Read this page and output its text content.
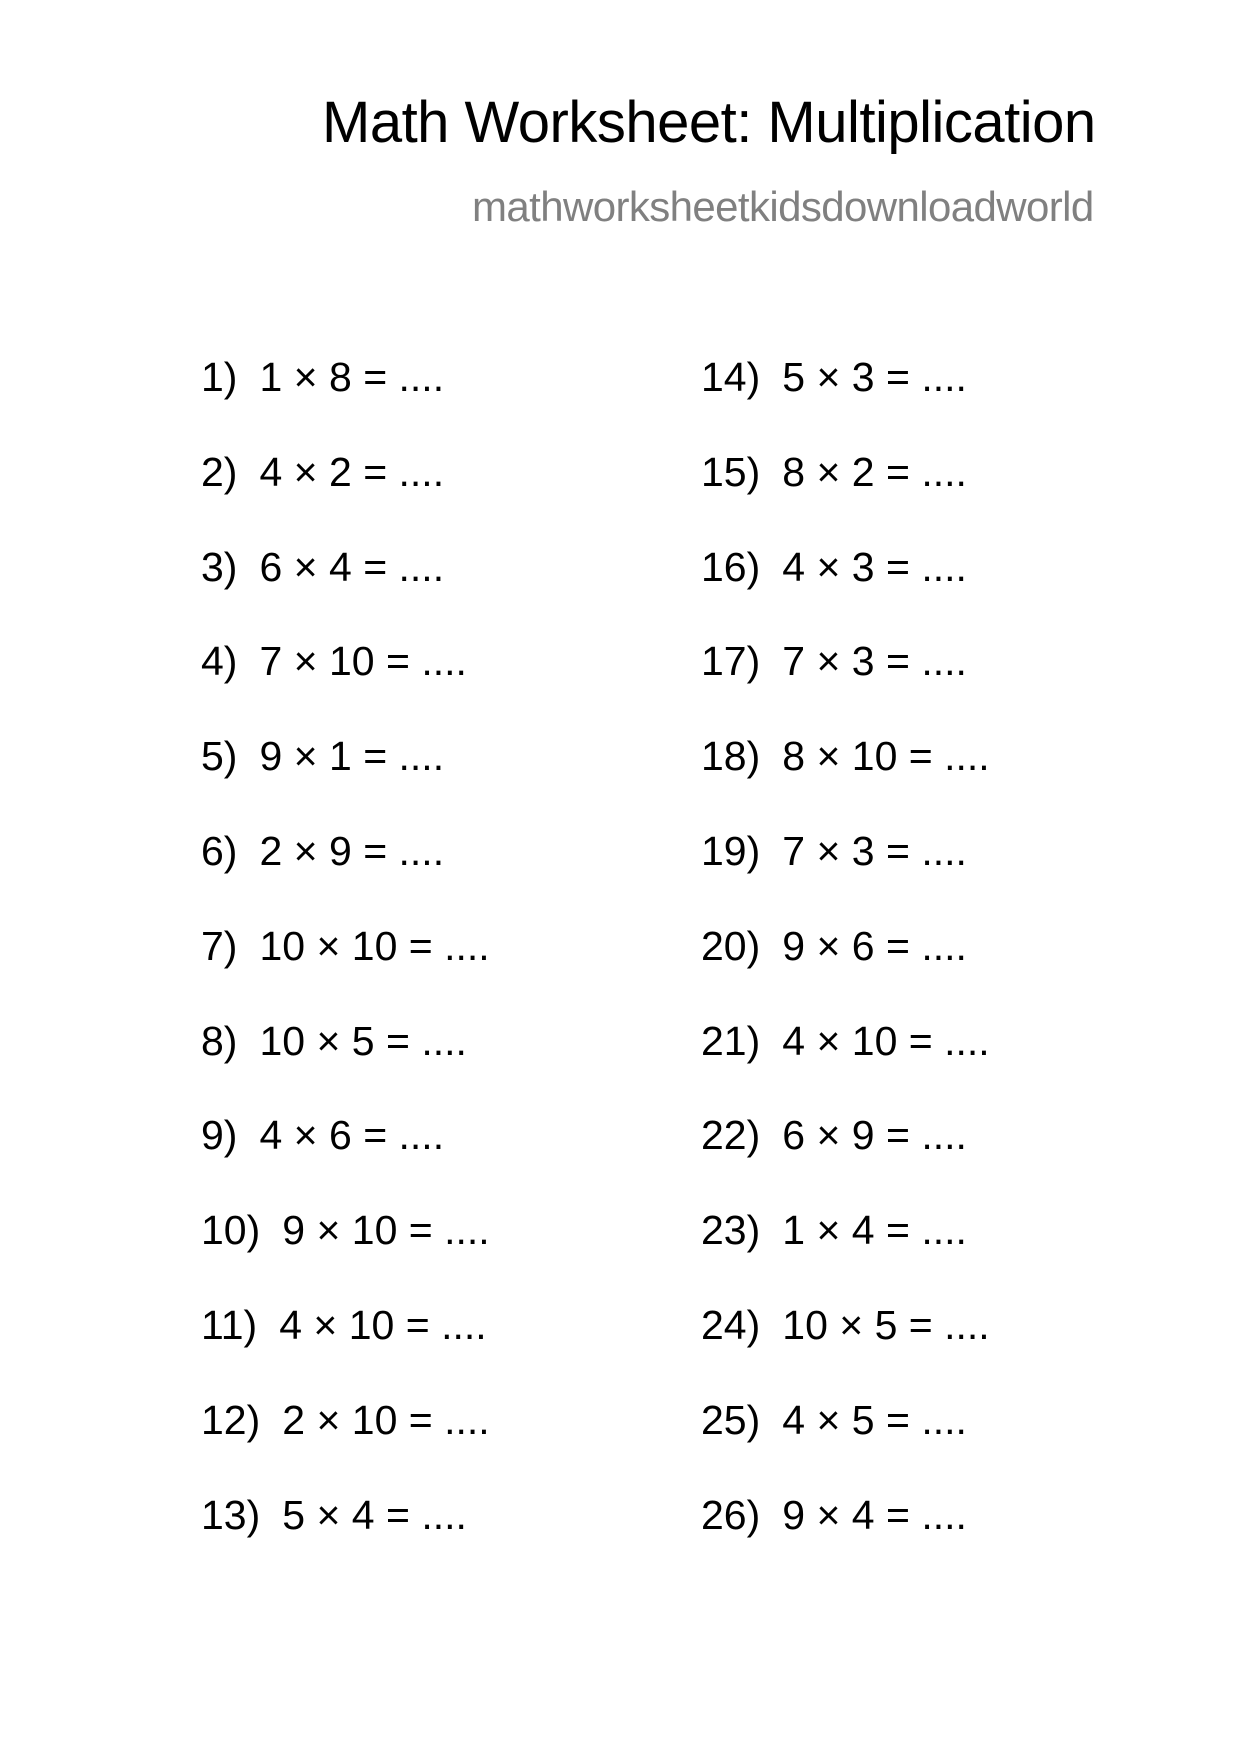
Math Worksheet: Multiplication
mathworksheetkidsdownloadworld
1) 1 × 8 = ....
2) 4 × 2 = ....
3) 6 × 4 = ....
4) 7 × 10 = ....
5) 9 × 1 = ....
6) 2 × 9 = ....
7) 10 × 10 = ....
8) 10 × 5 = ....
9) 4 × 6 = ....
10) 9 × 10 = ....
11) 4 × 10 = ....
12) 2 × 10 = ....
13) 5 × 4 = ....
14) 5 × 3 = ....
15) 8 × 2 = ....
16) 4 × 3 = ....
17) 7 × 3 = ....
18) 8 × 10 = ....
19) 7 × 3 = ....
20) 9 × 6 = ....
21) 4 × 10 = ....
22) 6 × 9 = ....
23) 1 × 4 = ....
24) 10 × 5 = ....
25) 4 × 5 = ....
26) 9 × 4 = ....
